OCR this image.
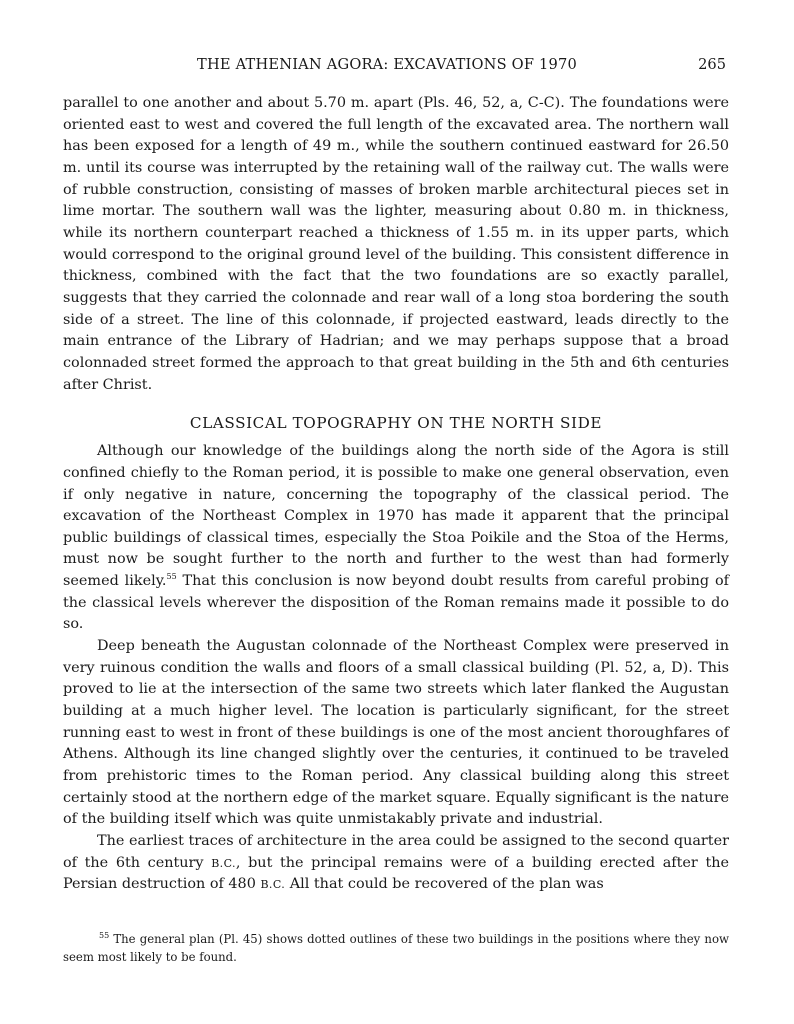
THE ATHENIAN AGORA: EXCAVATIONS OF 1970	265

parallel to one another and about 5.70 m. apart (Pls. 46, 52, a, C-C). The foundations were oriented east to west and covered the full length of the excavated area. The northern wall has been exposed for a length of 49 m., while the southern continued eastward for 26.50 m. until its course was interrupted by the retaining wall of the railway cut. The walls were of rubble construction, consisting of masses of broken marble architectural pieces set in lime mortar. The southern wall was the lighter, measuring about 0.80 m. in thickness, while its northern counterpart reached a thickness of 1.55 m. in its upper parts, which would correspond to the original ground level of the building. This consistent difference in thickness, combined with the fact that the two foundations are so exactly parallel, suggests that they carried the colonnade and rear wall of a long stoa bordering the south side of a street. The line of this colonnade, if projected eastward, leads directly to the main entrance of the Library of Hadrian; and we may perhaps suppose that a broad colonnaded street formed the approach to that great building in the 5th and 6th centuries after Christ.

CLASSICAL TOPOGRAPHY ON THE NORTH SIDE

Although our knowledge of the buildings along the north side of the Agora is still confined chiefly to the Roman period, it is possible to make one general observation, even if only negative in nature, concerning the topography of the classical period. The excavation of the Northeast Complex in 1970 has made it apparent that the principal public buildings of classical times, especially the Stoa Poikile and the Stoa of the Herms, must now be sought further to the north and further to the west than had formerly seemed likely.$^{55}$ That this conclusion is now beyond doubt results from careful probing of the classical levels wherever the disposition of the Roman remains made it possible to do so.

Deep beneath the Augustan colonnade of the Northeast Complex were preserved in very ruinous condition the walls and floors of a small classical building (Pl. 52, a, D). This proved to lie at the intersection of the same two streets which later flanked the Augustan building at a much higher level. The location is particularly significant, for the street running east to west in front of these buildings is one of the most ancient thoroughfares of Athens. Although its line changed slightly over the centuries, it continued to be traveled from prehistoric times to the Roman period. Any classical building along this street certainly stood at the northern edge of the market square. Equally significant is the nature of the building itself which was quite unmistakably private and industrial.

The earliest traces of architecture in the area could be assigned to the second quarter of the 6th century B.C., but the principal remains were of a building erected after the Persian destruction of 480 B.C. All that could be recovered of the plan was

$^{55}$ The general plan (Pl. 45) shows dotted outlines of these two buildings in the positions where they now seem most likely to be found.
